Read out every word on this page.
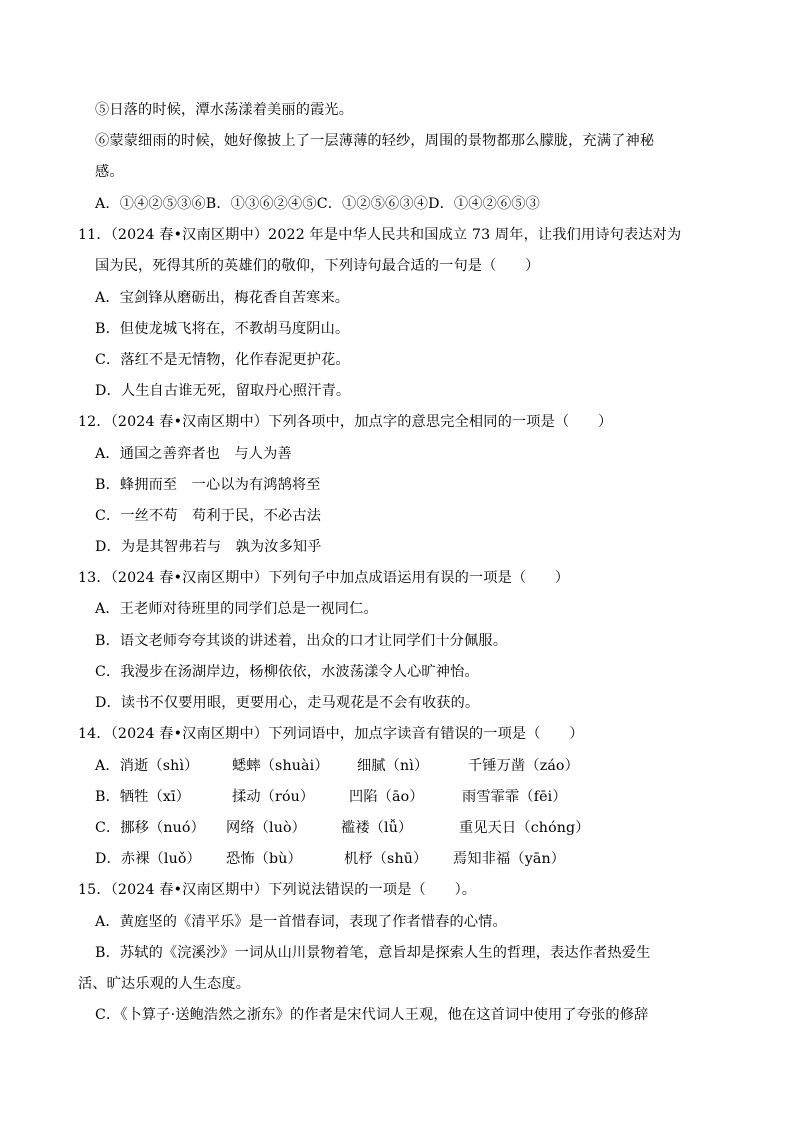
⑤日落的时候，潭水荡漾着美丽的霞光。
⑥蒙蒙细雨的时候，她好像披上了一层薄薄的轻纱，周围的景物都那么朦胧，充满了神秘
感。
A．①④②⑤③⑥B．①③⑥②④⑤C．①②⑤⑥③④D．①④②⑥⑤③
11．（2024 春•汉南区期中）2022 年是中华人民共和国成立 73 周年，让我们用诗句表达对为
国为民，死得其所的英雄们的敬仰，下列诗句最合适的一句是（　　）
A．宝剑锋从磨砺出，梅花香自苦寒来。
B．但使龙城飞将在，不教胡马度阴山。
C．落红不是无情物，化作春泥更护花。
D．人生自古谁无死，留取丹心照汗青。
12．（2024 春•汉南区期中）下列各项中，加点字的意思完全相同的一项是（　　）
A．通国之善弈者也　与人为善
B．蜂拥而至　一心以为有鸿鹄将至
C．一丝不苟　苟利于民，不必古法
D．为是其智弗若与　孰为汝多知乎
13．（2024 春•汉南区期中）下列句子中加点成语运用有误的一项是（　　）
A．王老师对待班里的同学们总是一视同仁。
B．语文老师夸夸其谈的讲述着，出众的口才让同学们十分佩服。
C．我漫步在汤湖岸边，杨柳依依，水波荡漾令人心旷神怡。
D．读书不仅要用眼，更要用心，走马观花是不会有收获的。
14．（2024 春•汉南区期中）下列词语中，加点字读音有错误的一项是（　　）
A．消逝（shì） 蟋蟀（shuài） 细腻（nì）	千锤万凿（záo）
B．牺牲（xī）	揉动（róu） 凹陷（āo）	雨雪霏霏（fēi）
C．挪移（nuó） 网络（luò） 褴褛（lǚ）	重见天日（chóng）
D．赤裸（luǒ） 恐怖（bù）	机杼（shū） 焉知非福（yān）
15．（2024 春•汉南区期中）下列说法错误的一项是（　　）。
A．黄庭坚的《清平乐》是一首惜春词，表现了作者惜春的心情。
B．苏轼的《浣溪沙》一词从山川景物着笔，意旨却是探索人生的哲理，表达作者热爱生
活、旷达乐观的人生态度。
C．《卜算子·送鲍浩然之浙东》的作者是宋代词人王观，他在这首词中使用了夸张的修辞
